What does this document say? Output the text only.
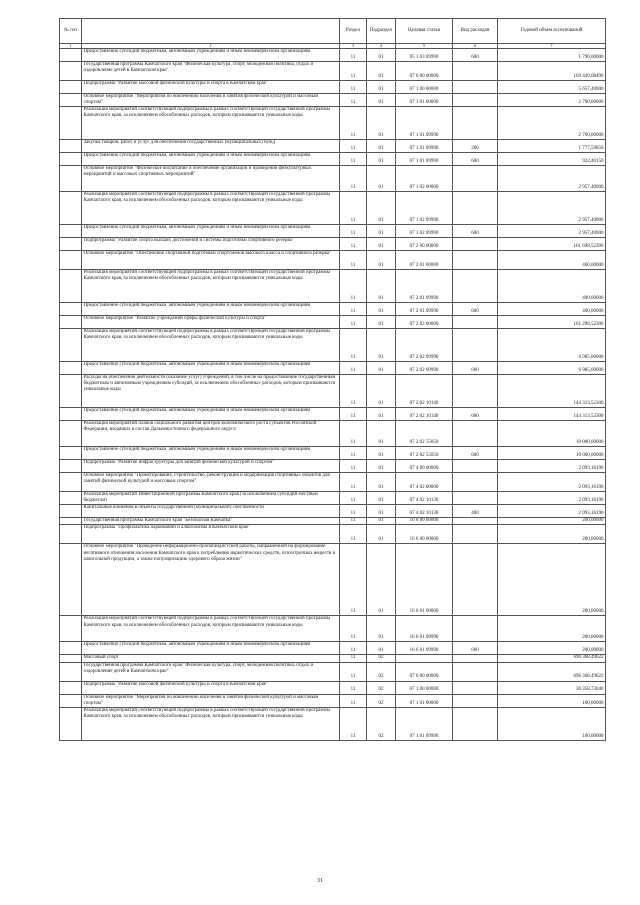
№ п/п		Раздел	Подраздел	Целевая статья	Вид расходов	Годовой объем ассигнований
1	2	3	4	5	6	7
	Предоставление субсидий бюджетным, автономным учреждениям и иным некоммерческим организациям	11	01	05 1 03 09990	600	1 790,00000
	Государственная программа Камчатского края "Физическая культура, спорт, молодежная политика, отдых и оздоровление детей в Камчатском крае"	11	01	07 0 00 00000		169 449,08490
	Подпрограмма "Развитие массовой физической культуры и спорта в Камчатском крае"	11	01	07 1 00 00000		5 657,40000
	Основное мероприятие "Мероприятия по вовлечению населения в занятия физической культурой и массовым спортом"	11	01	07 1 01 00000		2 700,00000
	Реализация мероприятий соответствующей подпрограммы в рамках соответствующей государственной программы Камчатского края, за исключением обособленных расходов, которым присваиваются уникальные коды	11	01	07 1 01 09990		2 700,00000
	Закупка товаров, работ и услуг для обеспечения государственных (муниципальных) нужд	11	01	07 1 01 09990	200	1 777,59850
	Предоставление субсидий бюджетным, автономным учреждениям и иным некоммерческим организациям	11	01	07 1 01 09990	600	922,40150
	Основное мероприятие "Физическое воспитание и обеспечение организации и проведения физкультурных мероприятий и массовых спортивных мероприятий"	11	01	07 1 02 00000		2 957,40000
	Реализация мероприятий соответствующей подпрограммы в рамках соответствующей государственной программы Камчатского края, за исключением обособленных расходов, которым присваиваются уникальные коды	11	01	07 1 02 09990		2 957,40000
	Предоставление субсидий бюджетным, автономным учреждениям и иным некоммерческим организациям	11	01	07 1 02 09990	600	2 957,40000
	Подпрограмма "Развитие спорта высших достижений и системы подготовки спортивного резерва"	11	01	07 2 00 00000		161 698,52300
	Основное мероприятие "Обеспечение спортивной подготовки спортсменов высокого класса и спортивного резерва"	11	01	07 2 01 00000		400,00000
	Реализация мероприятий соответствующей подпрограммы в рамках соответствующей государственной программы Камчатского края, за исключением обособленных расходов, которым присваиваются уникальные коды	11	01	07 2 01 09990		400,00000
	Предоставление субсидий бюджетным, автономным учреждениям и иным некоммерческим организациям	11	01	07 2 01 09990	600	400,00000
	Основное мероприятие "Развитие учреждений сферы физической культуры и спорта"	11	01	07 2 02 00000		161 298,52300
	Реализация мероприятий соответствующей подпрограммы в рамках соответствующей государственной программы Камчатского края, за исключением обособленных расходов, которым присваиваются уникальные коды	11	01	07 2 02 09990		6 985,00000
	Предоставление субсидий бюджетным, автономным учреждениям и иным некоммерческим организациям	11	01	07 2 02 09990	600	6 985,00000
	Расходы на обеспечение деятельности (оказание услуг) учреждений, в том числе на предоставление государственным бюджетным и автономным учреждениям субсидий, за исключением обособленных расходов, которым присваиваются уникальные коды	11	01	07 2 02 10140		144 313,52300
	Предоставление субсидий бюджетным, автономным учреждениям и иным некоммерческим организациям	11	01	07 2 02 10140	600	144 313,52300
	Реализация мероприятий планов социального развития центров экономического роста субъектов Российской Федерации, входящих в состав Дальневосточного федерального округа	11	01	07 2 02 55050		10 000,00000
	Предоставление субсидий бюджетным, автономным учреждениям и иным некоммерческим организациям	11	01	07 2 02 55050	600	10 000,00000
	Подпрограмма "Развитие инфраструктуры для занятий физической культурой и спортом"	11	01	07 4 00 00000		2 093,16190
	Основное мероприятие "Проектирование, строительство, реконструкция и модернизация спортивных объектов для занятий физической культурой и массовым спортом"	11	01	07 4 02 00000		2 093,16190
	Реализация мероприятий Инвестиционной программы Камчатского края (за исключением субсидий местным бюджетам)	11	01	07 4 02 10130		2 093,16190
	Капитальные вложения в объекты государственной (муниципальной) собственности	11	01	07 4 02 10130	400	2 093,16190
	Государственная программа Камчатского края "Безопасная Камчатка"	11	01	16 0 00 00000		200,00000
	Подпрограмма "Профилактика наркомании и алкоголизма в Камчатском крае"	11	01	16 6 00 00000		200,00000
	Основное мероприятие "Проведение информационно-пропагандистской работы, направленной на формирование негативного отношения населения Камчатского края к потреблению наркотических средств, психотропных веществ и алкогольной продукции, а также популяризацию здорового образа жизни"	11	01	16 6 01 00000		200,00000
	Реализация мероприятий соответствующей подпрограммы в рамках соответствующей государственной программы Камчатского края, за исключением обособленных расходов, которым присваиваются уникальные коды	11	01	16 6 01 09990		200,00000
	Предоставление субсидий бюджетным, автономным учреждениям и иным некоммерческим организациям	11	01	16 6 01 09990	600	200,00000
	Массовый спорт	11	02			696 368,49622
	Государственная программа Камчатского края "Физическая культура, спорт, молодежная политика, отдых и оздоровление детей в Камчатском крае"	11	02	07 0 00 00000		696 368,49622
	Подпрограмма "Развитие массовой физической культуры и спорта в Камчатском крае"	11	02	07 1 00 00000		30 358,73040
	Основное мероприятие "Мероприятия по вовлечению населения в занятия физической культурой и массовым спортом"	11	02	07 1 01 00000		100,00000
	Реализация мероприятий соответствующей подпрограммы в рамках соответствующей государственной программы Камчатского края, за исключением обособленных расходов, которым присваиваются уникальные коды	11	02	07 1 01 09990		100,00000
31
